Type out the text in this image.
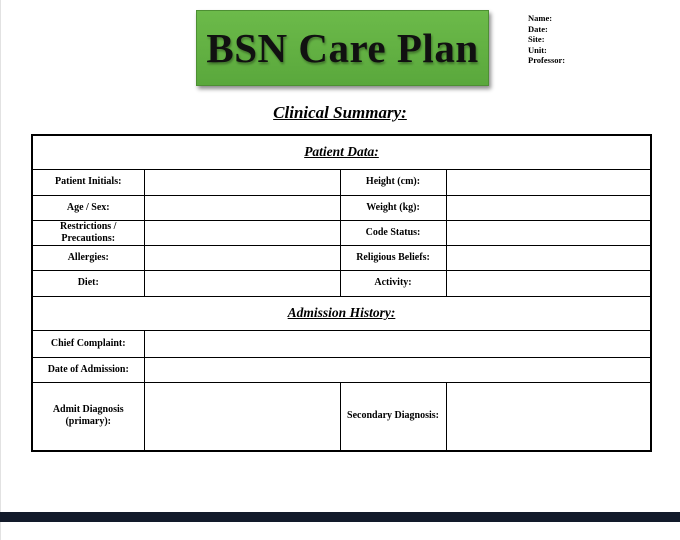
BSN Care Plan
Name:
Date:
Site:
Unit:
Professor:
Clinical Summary:
Patient Data:			
Patient Initials:		Height (cm):	
Age / Sex:		Weight (kg):	
Restrictions / Precautions:		Code Status:	
Allergies:		Religious Beliefs:	
Diet:		Activity:	
Admission History:			
Chief Complaint:			
Date of Admission:			
Admit Diagnosis (primary):		Secondary Diagnosis:	
